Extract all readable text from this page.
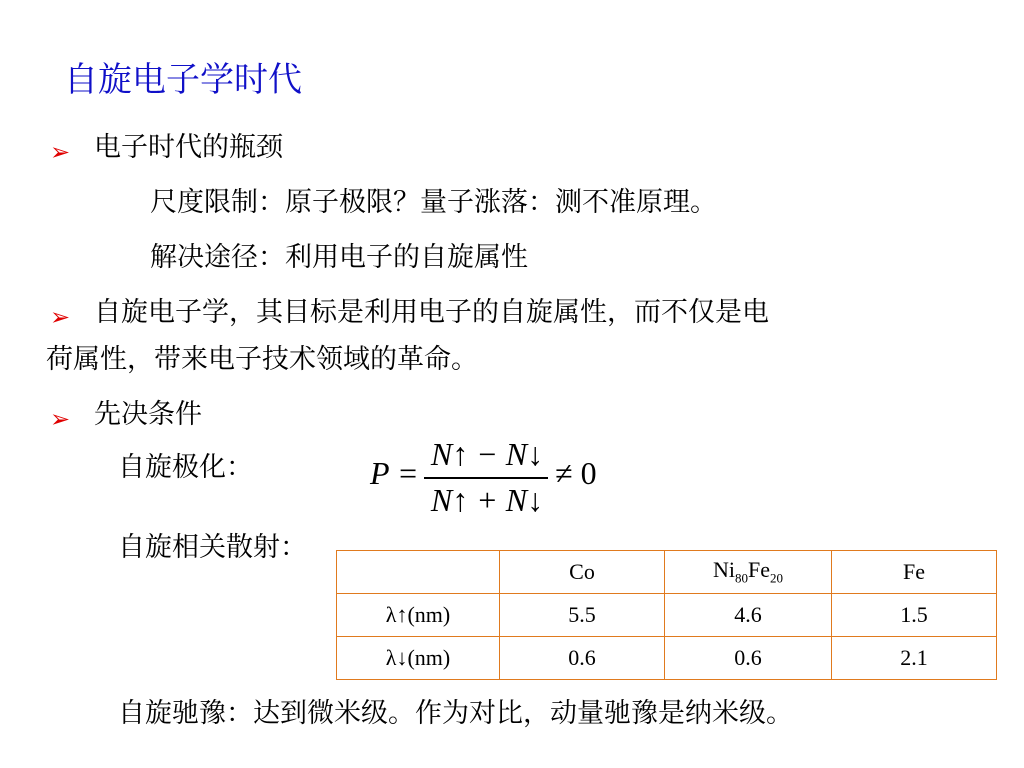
自旋电子学时代
➢ 电子时代的瓶颈
尺度限制：原子极限？量子涨落：测不准原理。
解决途径：利用电子的自旋属性
➢ 自旋电子学，其目标是利用电子的自旋属性，而不仅是电
荷属性，带来电子技术领域的革命。
➢ 先决条件
自旋极化：	P =
N↑ − N↓
N↑ + N↓
≠ 0
自旋相关散射：
	Co	$Ni_{80}Fe_{20}$	Fe
λ↑(nm)	5.5	4.6	1.5
λ↓(nm)	0.6	0.6	2.1
自旋驰豫：达到微米级。作为对比，动量驰豫是纳米级。
